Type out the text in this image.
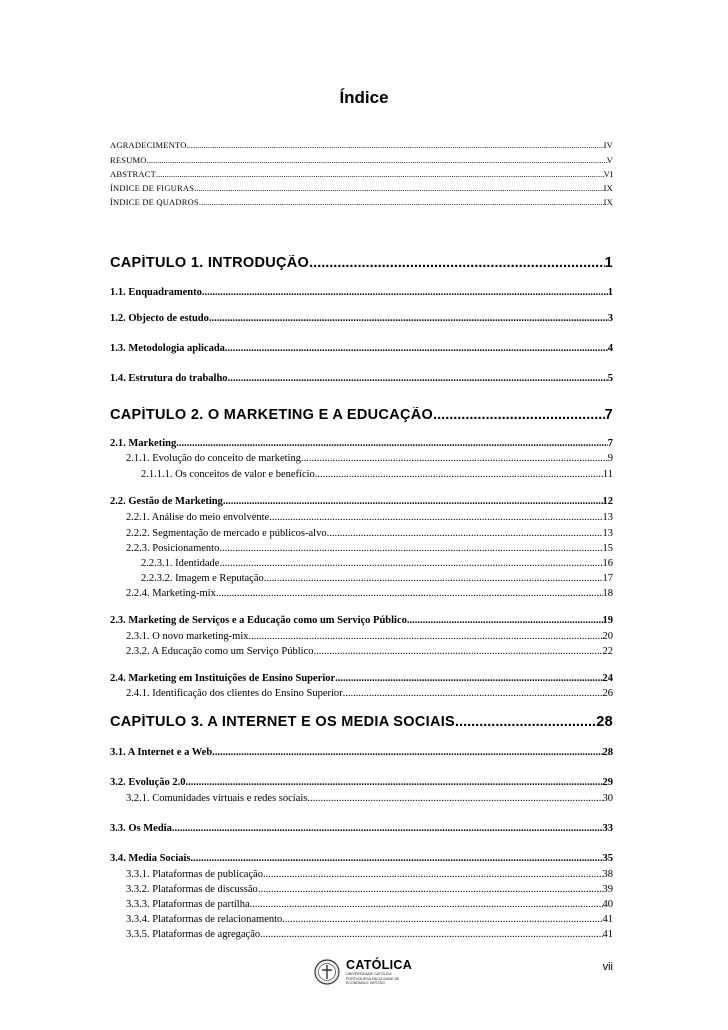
Índice
AGRADECIMENTO .....	IV
RESUMO .....	V
ABSTRACT .....	VI
ÍNDICE DE FIGURAS .....	IX
ÍNDICE DE QUADROS .....	IX
CAPÍTULO 1. INTRODUÇÃO .....	1
1.1. Enquadramento .....	1
1.2. Objecto de estudo .....	3
1.3. Metodologia aplicada .....	4
1.4. Estrutura do trabalho .....	5
CAPÍTULO 2. O MARKETING E A EDUCAÇÃO .....	7
2.1. Marketing .....	7
2.1.1. Evolução do conceito de marketing .....	9
2.1.1.1. Os conceitos de valor e benefício .....	11
2.2. Gestão de Marketing .....	12
2.2.1. Análise do meio envolvente .....	13
2.2.2. Segmentação de mercado e públicos-alvo .....	13
2.2.3. Posicionamento .....	15
2.2.3.1. Identidade .....	16
2.2.3.2. Imagem e Reputação .....	17
2.2.4. Marketing-mix .....	18
2.3. Marketing de Serviços e a Educação como um Serviço Público .....	19
2.3.1. O novo marketing-mix .....	20
2.3.2. A Educação como um Serviço Público .....	22
2.4. Marketing em Instituições de Ensino Superior .....	24
2.4.1. Identificação dos clientes do Ensino Superior .....	26
CAPÍTULO 3. A INTERNET E OS MEDIA SOCIAIS .....	28
3.1. A Internet e a Web .....	28
3.2. Evolução 2.0 .....	29
3.2.1. Comunidades virtuais e redes sociais .....	30
3.3. Os Media .....	33
3.4. Media Sociais .....	35
3.3.1. Plataformas de publicação .....	38
3.3.2. Plataformas de discussão .....	39
3.3.3. Plataformas de partilha .....	40
3.3.4. Plataformas de relacionamento .....	41
3.3.5. Plataformas de agregação .....	41
CATÓLICA
UNIVERSIDADE CATÓLICA PORTUGUESA FACULDADE DE ECONOMIA E GESTÃO
vii
